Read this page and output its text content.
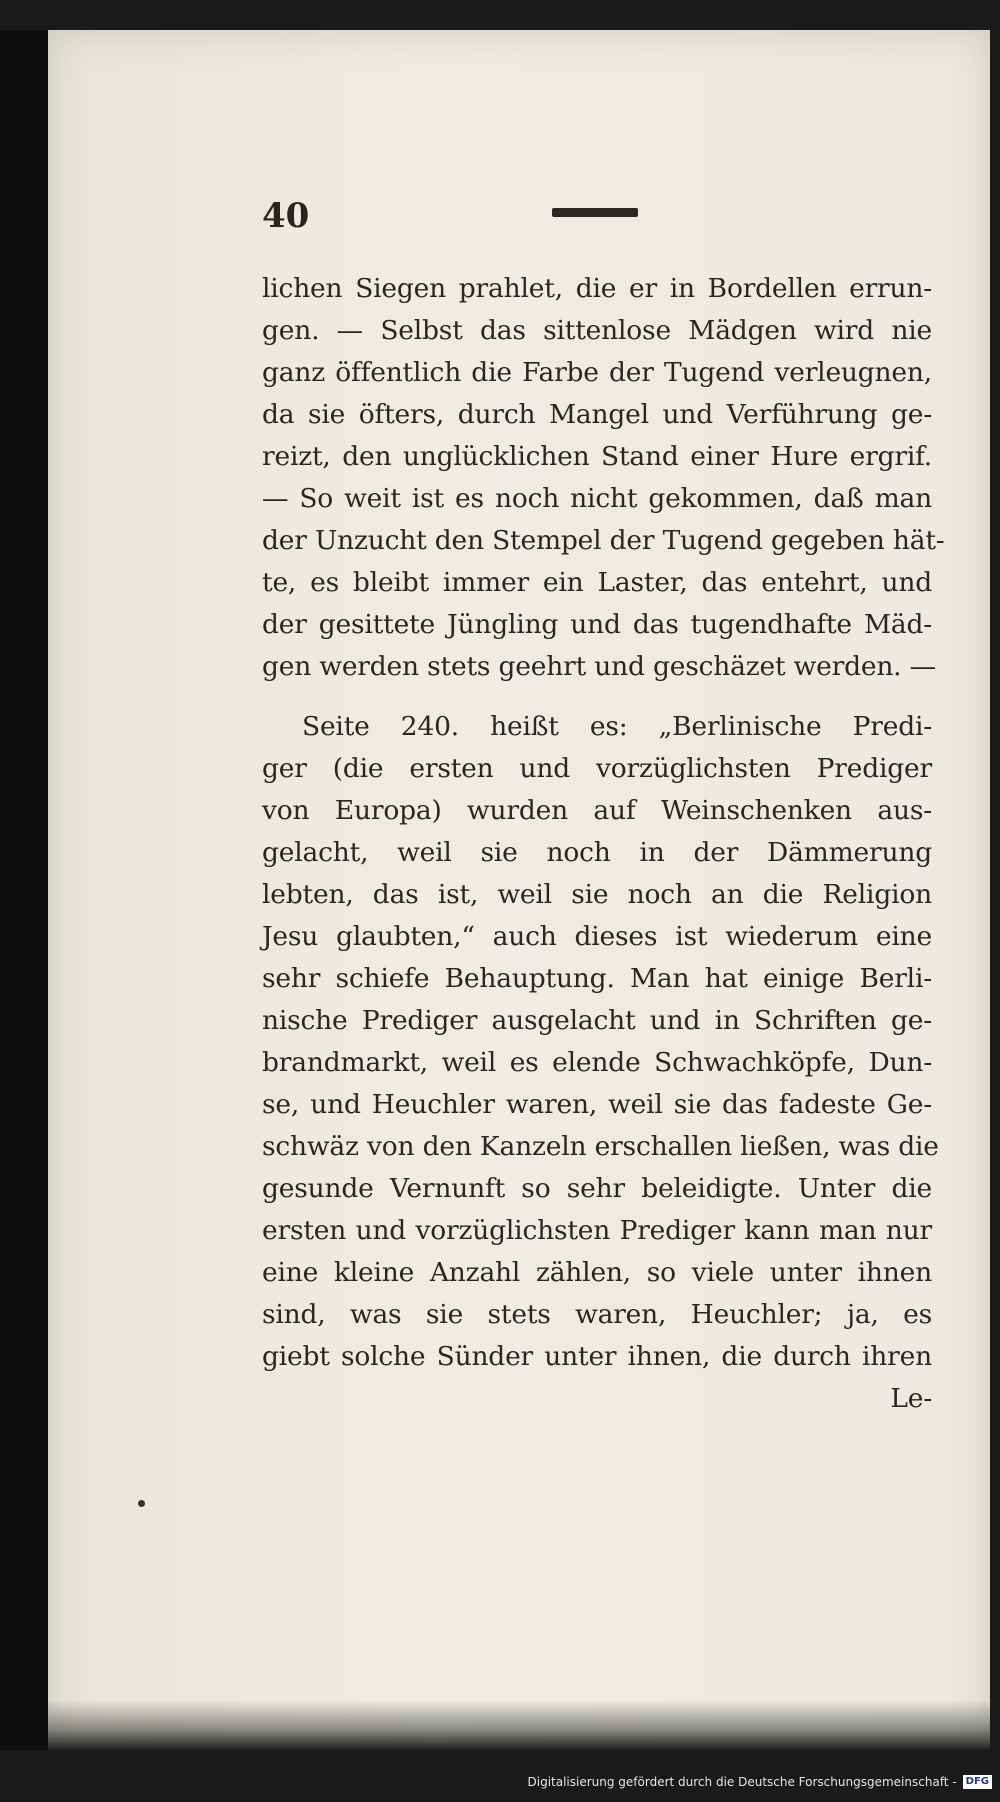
40
lichen Siegen prahlet, die er in Bordellen errun-
gen. — Selbst das sittenlose Mädgen wird nie
ganz öffentlich die Farbe der Tugend verleugnen,
da sie öfters, durch Mangel und Verführung ge-
reizt, den unglücklichen Stand einer Hure ergrif.
— So weit ist es noch nicht gekommen, daß man
der Unzucht den Stempel der Tugend gegeben hät-
te, es bleibt immer ein Laster, das entehrt, und
der gesittete Jüngling und das tugendhafte Mäd-
gen werden stets geehrt und geschäzet werden. —
Seite 240. heißt es: „Berlinische Predi-
ger (die ersten und vorzüglichsten Prediger
von Europa) wurden auf Weinschenken aus-
gelacht, weil sie noch in der Dämmerung
lebten, das ist, weil sie noch an die Religion
Jesu glaubten,“ auch dieses ist wiederum eine
sehr schiefe Behauptung. Man hat einige Berli-
nische Prediger ausgelacht und in Schriften ge-
brandmarkt, weil es elende Schwachköpfe, Dun-
se, und Heuchler waren, weil sie das fadeste Ge-
schwäz von den Kanzeln erschallen ließen, was die
gesunde Vernunft so sehr beleidigte. Unter die
ersten und vorzüglichsten Prediger kann man nur
eine kleine Anzahl zählen, so viele unter ihnen
sind, was sie stets waren, Heuchler; ja, es
giebt solche Sünder unter ihnen, die durch ihren
Le-
Digitalisierung gefördert durch die Deutsche Forschungsgemeinschaft - DFG
